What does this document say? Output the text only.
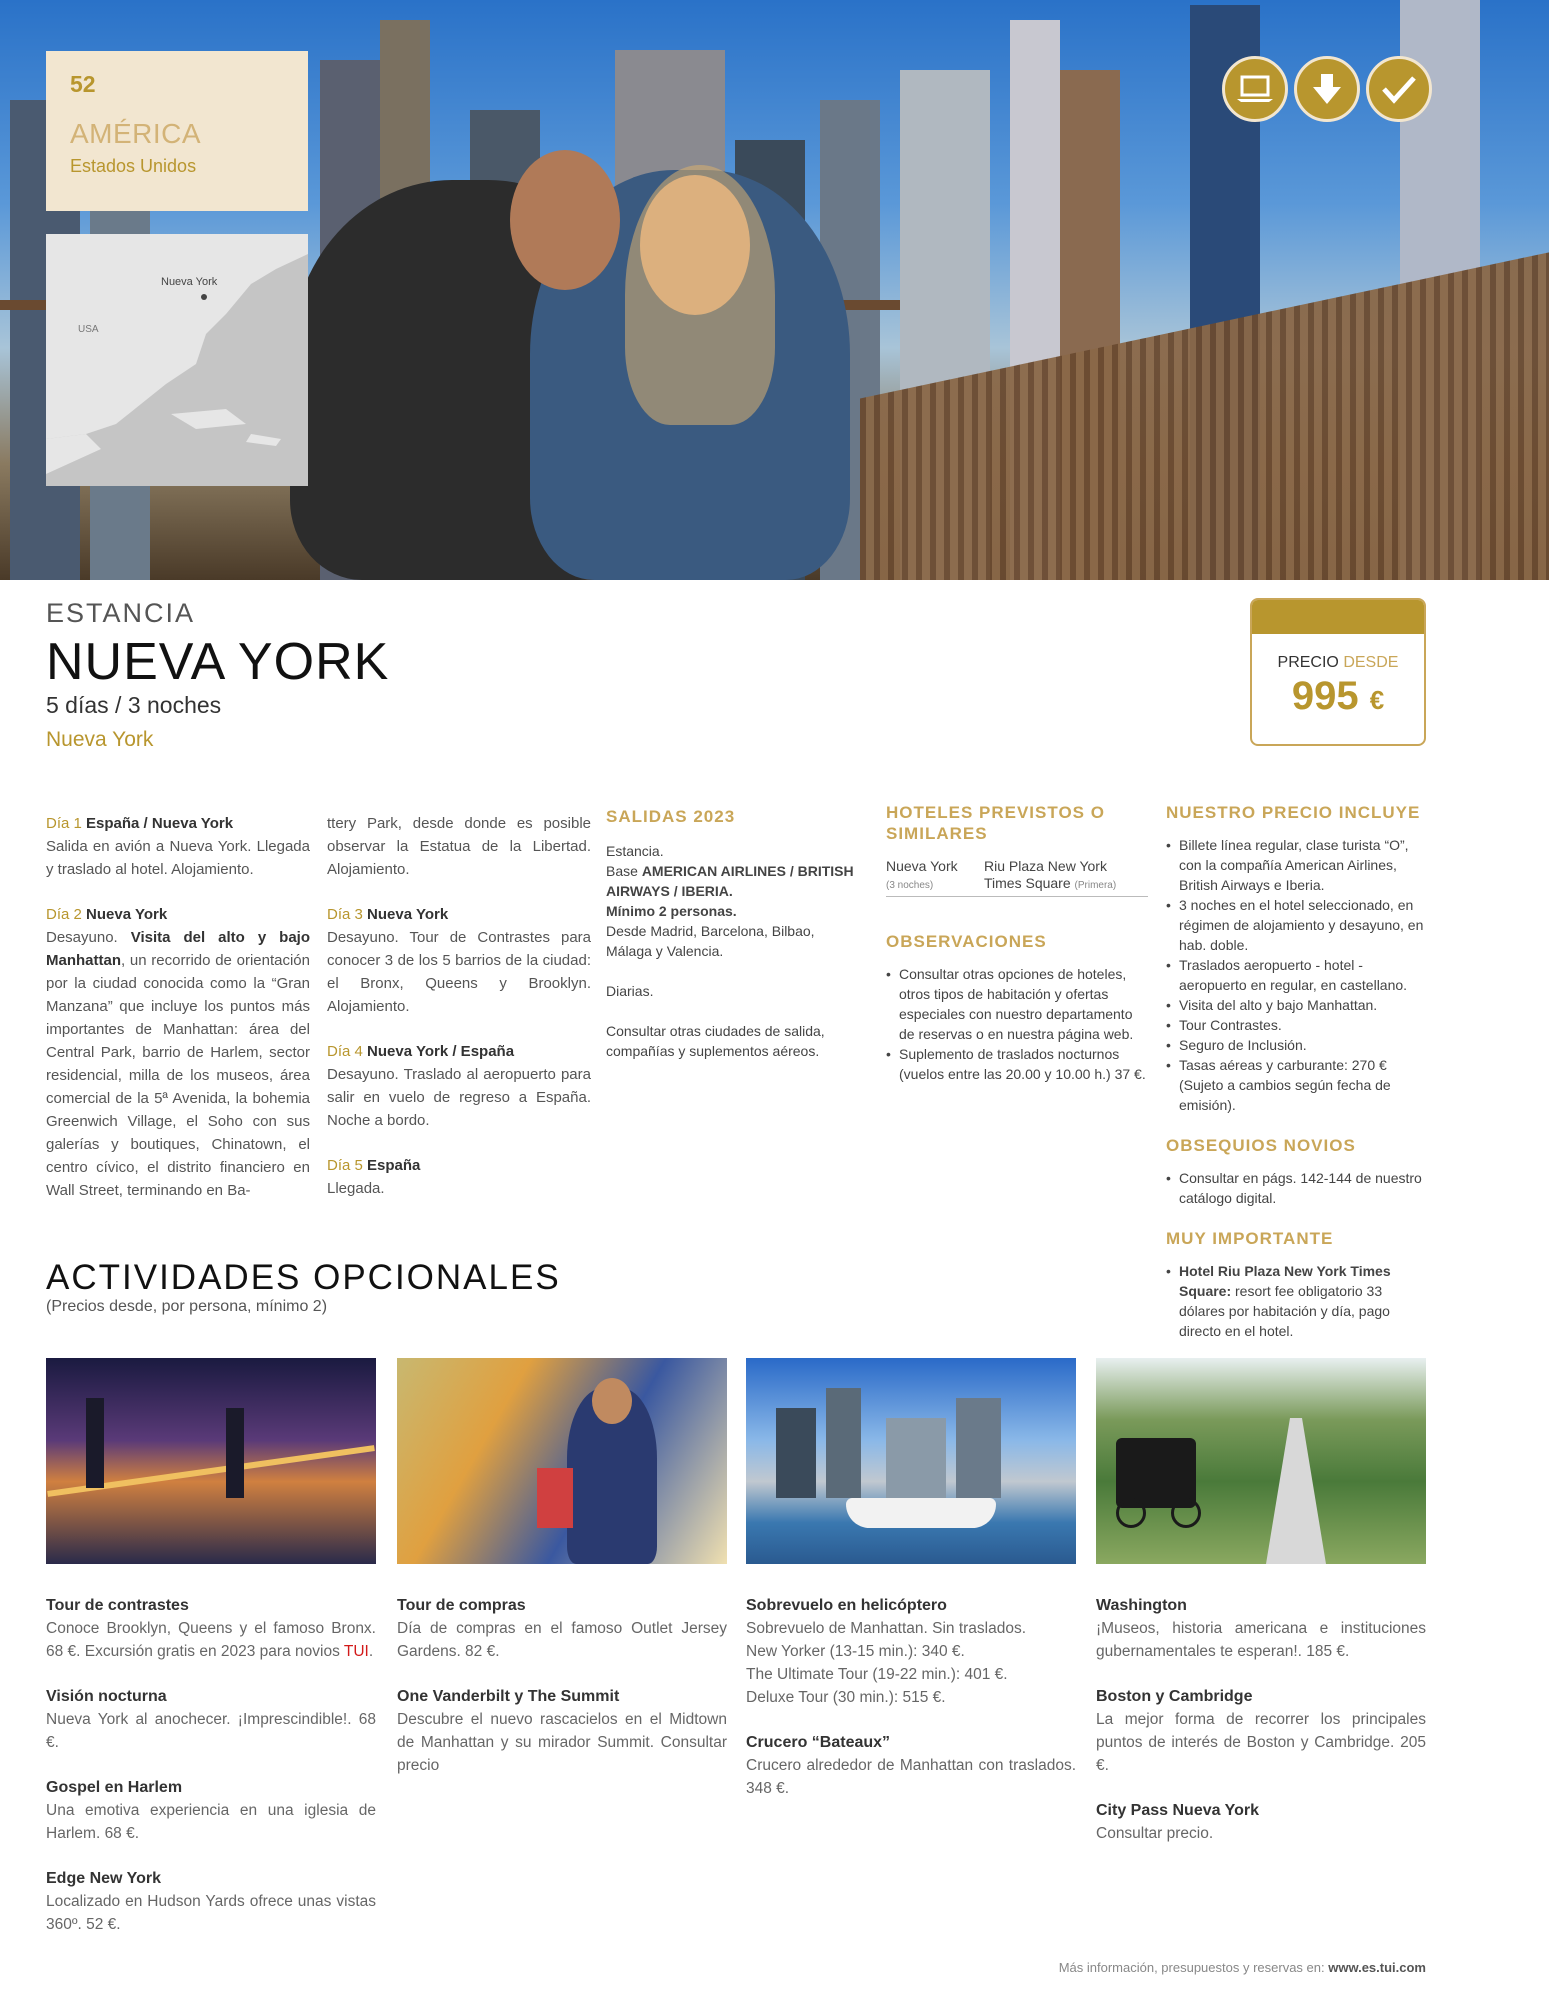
52
AMÉRICA
Estados Unidos
Nueva York
USA
ESTANCIA
NUEVA YORK
5 días / 3 noches
Nueva York
PRECIO DESDE
995 €
Día 1 España / Nueva York
Salida en avión a Nueva York. Llegada y traslado al hotel. Alojamiento.
Día 2 Nueva York
Desayuno. Visita del alto y bajo Manhattan, un recorrido de orientación por la ciudad conocida como la “Gran Manzana” que incluye los puntos más importantes de Manhattan: área del Central Park, barrio de Harlem, sector residencial, milla de los museos, área comercial de la 5ª Avenida, la bohemia Greenwich Village, el Soho con sus galerías y boutiques, Chinatown, el centro cívico, el distrito financiero en Wall Street, terminando en Ba-
ttery Park, desde donde es posible observar la Estatua de la Libertad. Alojamiento.
Día 3 Nueva York
Desayuno. Tour de Contrastes para conocer 3 de los 5 barrios de la ciudad: el Bronx, Queens y Brooklyn. Alojamiento.
Día 4 Nueva York / España
Desayuno. Traslado al aeropuerto para salir en vuelo de regreso a España. Noche a bordo.
Día 5 España
Llegada.
SALIDAS 2023
Estancia.
Base AMERICAN AIRLINES / BRITISH AIRWAYS / IBERIA.
Mínimo 2 personas.
Desde Madrid, Barcelona, Bilbao, Málaga y Valencia.
Diarias.
Consultar otras ciudades de salida, compañías y suplementos aéreos.
HOTELES PREVISTOS O SIMILARES
Nueva York
(3 noches)
Riu Plaza New York Times Square (Primera)
OBSERVACIONES
• Consultar otras opciones de hoteles, otros tipos de habitación y ofertas especiales con nuestro departamento de reservas o en nuestra página web.
• Suplemento de traslados nocturnos (vuelos entre las 20.00 y 10.00 h.) 37 €.
NUESTRO PRECIO INCLUYE
• Billete línea regular, clase turista “O”, con la compañía American Airlines, British Airways e Iberia.
• 3 noches en el hotel seleccionado, en régimen de alojamiento y desayuno, en hab. doble.
• Traslados aeropuerto - hotel - aeropuerto en regular, en castellano.
• Visita del alto y bajo Manhattan.
• Tour Contrastes.
• Seguro de Inclusión.
• Tasas aéreas y carburante: 270 € (Sujeto a cambios según fecha de emisión).
OBSEQUIOS NOVIOS
• Consultar en págs. 142-144 de nuestro catálogo digital.
MUY IMPORTANTE
• Hotel Riu Plaza New York Times Square: resort fee obligatorio 33 dólares por habitación y día, pago directo en el hotel.
ACTIVIDADES OPCIONALES
(Precios desde, por persona, mínimo 2)
Tour de contrastes
Conoce Brooklyn, Queens y el famoso Bronx. 68 €. Excursión gratis en 2023 para novios TUI.
Visión nocturna
Nueva York al anochecer. ¡Imprescindible!. 68 €.
Gospel en Harlem
Una emotiva experiencia en una iglesia de Harlem. 68 €.
Edge New York
Localizado en Hudson Yards ofrece unas vistas 360º. 52 €.
Tour de compras
Día de compras en el famoso Outlet Jersey Gardens. 82 €.
One Vanderbilt y The Summit
Descubre el nuevo rascacielos en el Midtown de Manhattan y su mirador Summit. Consultar precio
Sobrevuelo en helicóptero
Sobrevuelo de Manhattan. Sin traslados.
New Yorker (13-15 min.): 340 €.
The Ultimate Tour (19-22 min.): 401 €.
Deluxe Tour (30 min.): 515 €.
Crucero “Bateaux”
Crucero alrededor de Manhattan con traslados. 348 €.
Washington
¡Museos, historia americana e instituciones gubernamentales te esperan!. 185 €.
Boston y Cambridge
La mejor forma de recorrer los principales puntos de interés de Boston y Cambridge. 205 €.
City Pass Nueva York
Consultar precio.
Más información, presupuestos y reservas en: www.es.tui.com
